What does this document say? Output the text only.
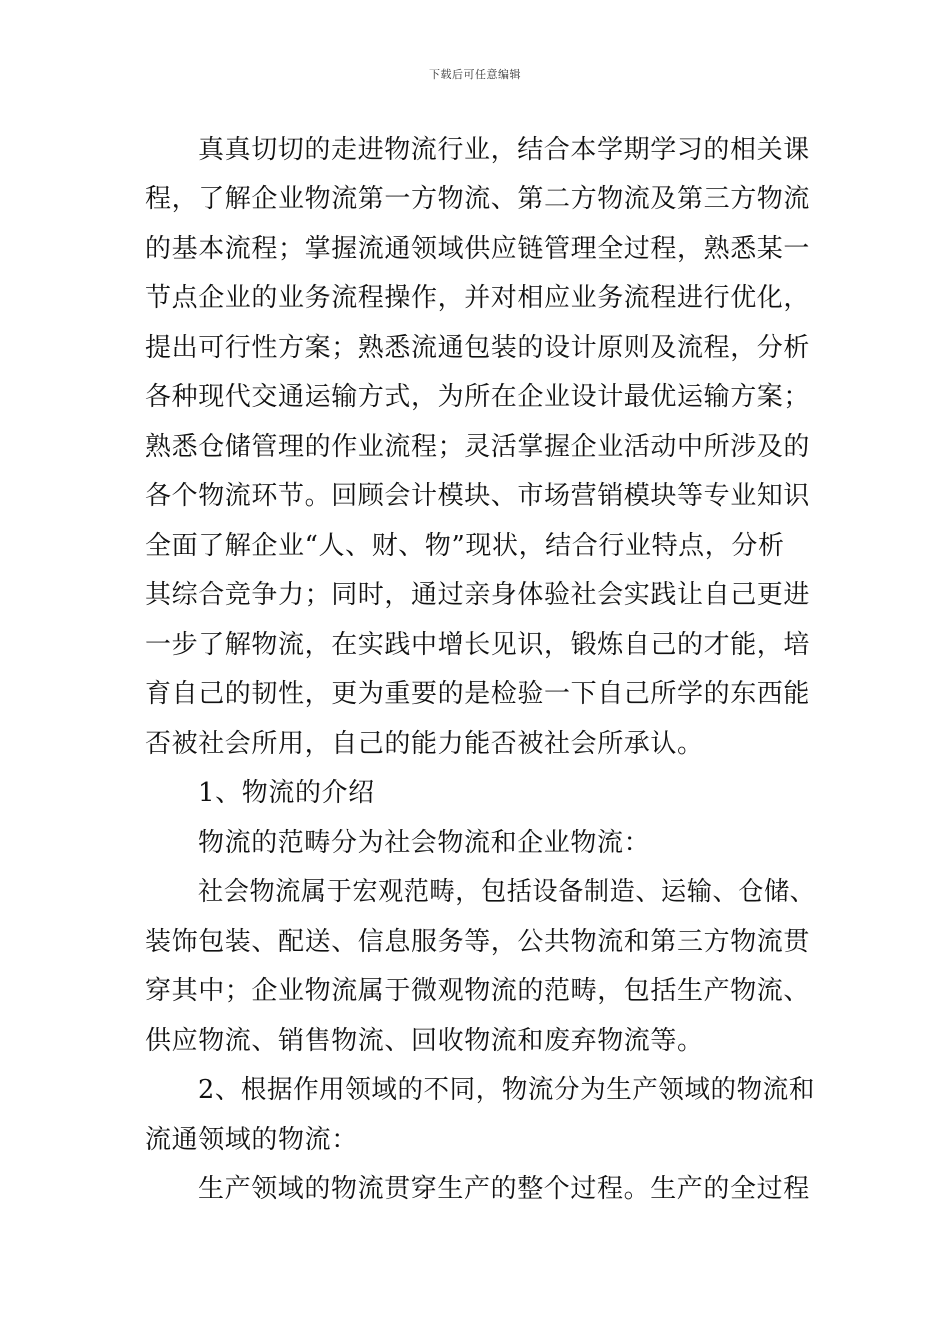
下载后可任意编辑
真真切切的走进物流行业，结合本学期学习的相关课
程，了解企业物流第一方物流、第二方物流及第三方物流
的基本流程；掌握流通领域供应链管理全过程，熟悉某一
节点企业的业务流程操作，并对相应业务流程进行优化，
提出可行性方案；熟悉流通包装的设计原则及流程，分析
各种现代交通运输方式，为所在企业设计最优运输方案；
熟悉仓储管理的作业流程；灵活掌握企业活动中所涉及的
各个物流环节。回顾会计模块、市场营销模块等专业知识
全面了解企业“人、财、物”现状，结合行业特点，分析
其综合竞争力；同时，通过亲身体验社会实践让自己更进
一步了解物流，在实践中增长见识，锻炼自己的才能，培
育自己的韧性，更为重要的是检验一下自己所学的东西能
否被社会所用，自己的能力能否被社会所承认。
1、物流的介绍
物流的范畴分为社会物流和企业物流：
社会物流属于宏观范畴，包括设备制造、运输、仓储、
装饰包装、配送、信息服务等，公共物流和第三方物流贯
穿其中；企业物流属于微观物流的范畴，包括生产物流、
供应物流、销售物流、回收物流和废弃物流等。
2、根据作用领域的不同，物流分为生产领域的物流和
流通领域的物流：
生产领域的物流贯穿生产的整个过程。生产的全过程
